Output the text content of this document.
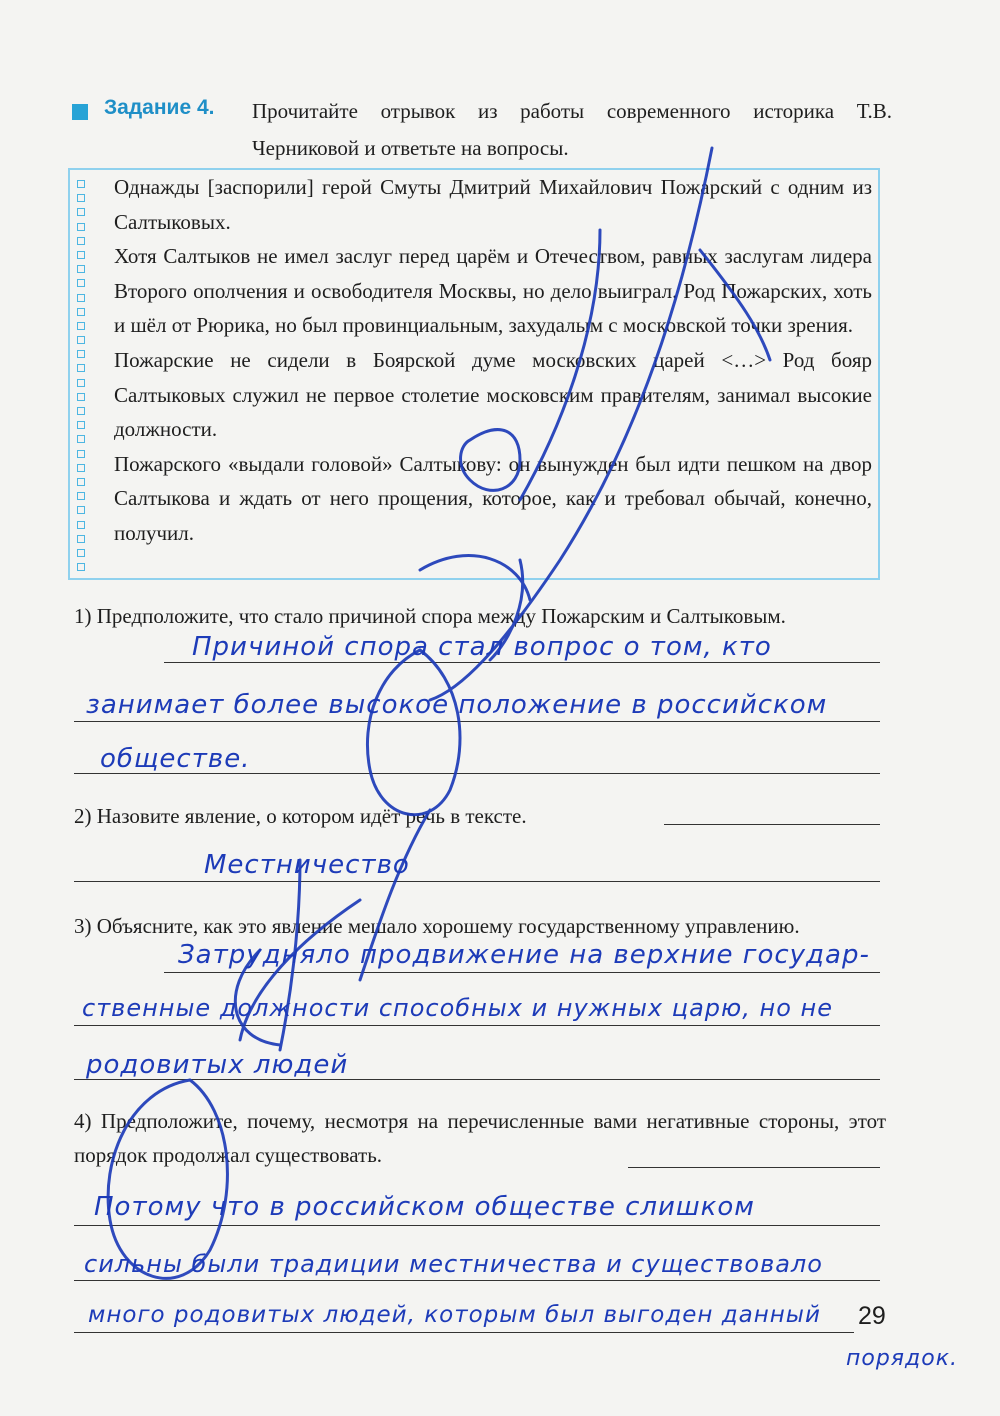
Задание 4. Прочитайте отрывок из работы современного историка Т.В. Черниковой и ответьте на вопросы.

Однажды [заспорили] герой Смуты Дмитрий Михайлович Пожарский с одним из Салтыковых.

Хотя Салтыков не имел заслуг перед царём и Отечеством, равных заслугам лидера Второго ополчения и освободителя Москвы, но дело выиграл. Род Пожарских, хоть и шёл от Рюрика, но был провинциальным, захудалым с московской точки зрения.

Пожарские не сидели в Боярской думе московских царей <…> Род бояр Салтыковых служил не первое столетие московским правителям, занимал высокие должности.

Пожарского «выдали головой» Салтыкову: он вынужден был идти пешком на двор Салтыкова и ждать от него прощения, которое, как и требовал обычай, конечно, получил.

1) Предположите, что стало причиной спора между Пожарским и Салтыковым.
Причиной спора стал вопрос о том, кто
занимает более высокое положение в российском
обществе.
2) Назовите явление, о котором идёт речь в тексте.
Местничество
3) Объясните, как это явление мешало хорошему государственному управлению.
Затрудняло продвижение на верхние государ-
ственные должности способных и нужных царю, но не
родовитых людей
4) Предположите, почему, несмотря на перечисленные вами негативные стороны, этот порядок продолжал существовать.
Потому что в российском обществе слишком
сильны были традиции местничества и существовало
много родовитых людей, которым был выгоден данный
порядок.
29
